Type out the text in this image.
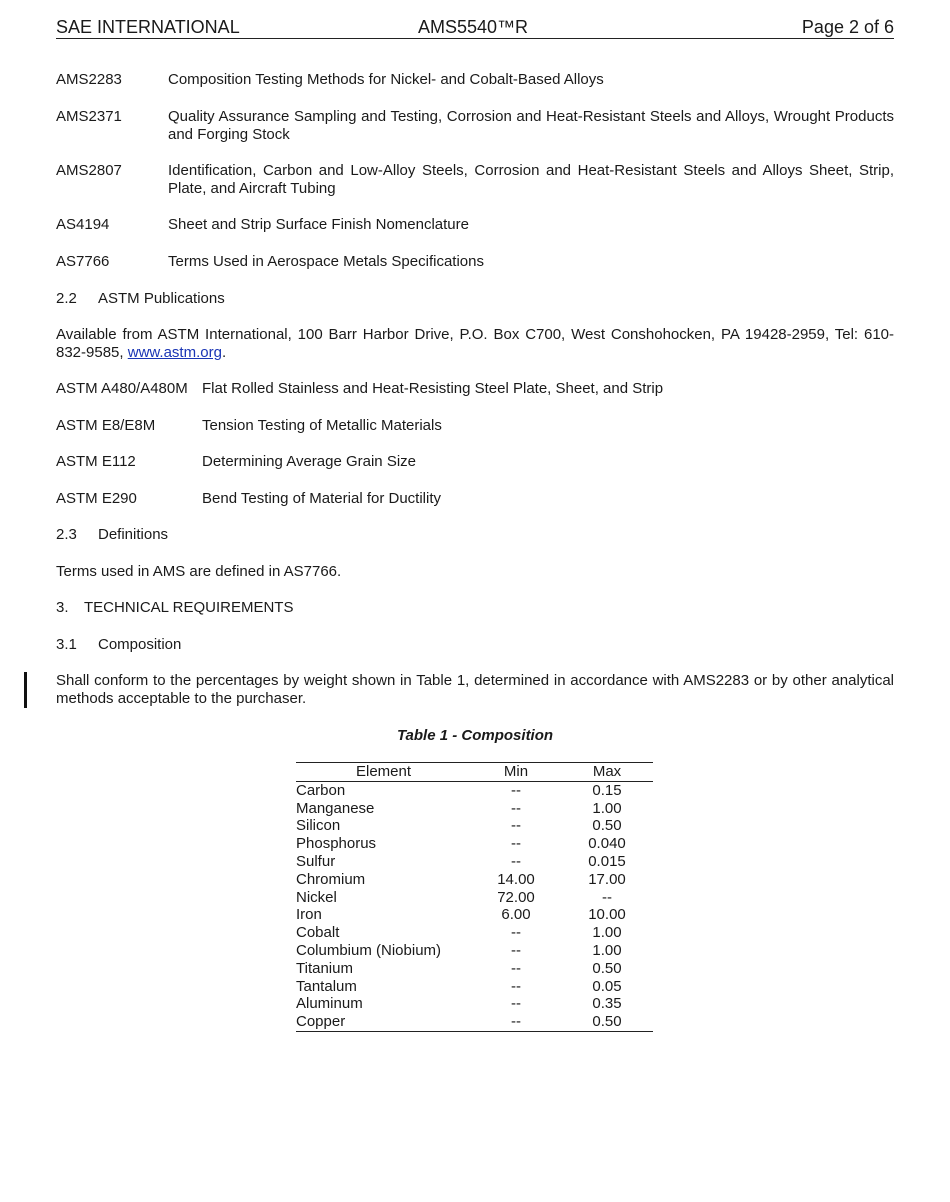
SAE INTERNATIONAL	AMS5540™R	Page 2 of 6
AMS2283	Composition Testing Methods for Nickel- and Cobalt-Based Alloys
AMS2371	Quality Assurance Sampling and Testing, Corrosion and Heat-Resistant Steels and Alloys, Wrought Products and Forging Stock
AMS2807	Identification, Carbon and Low-Alloy Steels, Corrosion and Heat-Resistant Steels and Alloys Sheet, Strip, Plate, and Aircraft Tubing
AS4194	Sheet and Strip Surface Finish Nomenclature
AS7766	Terms Used in Aerospace Metals Specifications
2.2 ASTM Publications
Available from ASTM International, 100 Barr Harbor Drive, P.O. Box C700, West Conshohocken, PA 19428-2959, Tel: 610-832-9585, www.astm.org.
ASTM A480/A480M Flat Rolled Stainless and Heat-Resisting Steel Plate, Sheet, and Strip
ASTM E8/E8M	Tension Testing of Metallic Materials
ASTM E112	Determining Average Grain Size
ASTM E290	Bend Testing of Material for Ductility
2.3 Definitions
Terms used in AMS are defined in AS7766.
3. TECHNICAL REQUIREMENTS
3.1 Composition
Shall conform to the percentages by weight shown in Table 1, determined in accordance with AMS2283 or by other analytical methods acceptable to the purchaser.
Table 1 - Composition
Element	Min	Max
Carbon	--	0.15
Manganese	--	1.00
Silicon	--	0.50
Phosphorus	--	0.040
Sulfur	--	0.015
Chromium	14.00	17.00
Nickel	72.00	--
Iron	6.00	10.00
Cobalt	--	1.00
Columbium (Niobium)	--	1.00
Titanium	--	0.50
Tantalum	--	0.05
Aluminum	--	0.35
Copper	--	0.50
